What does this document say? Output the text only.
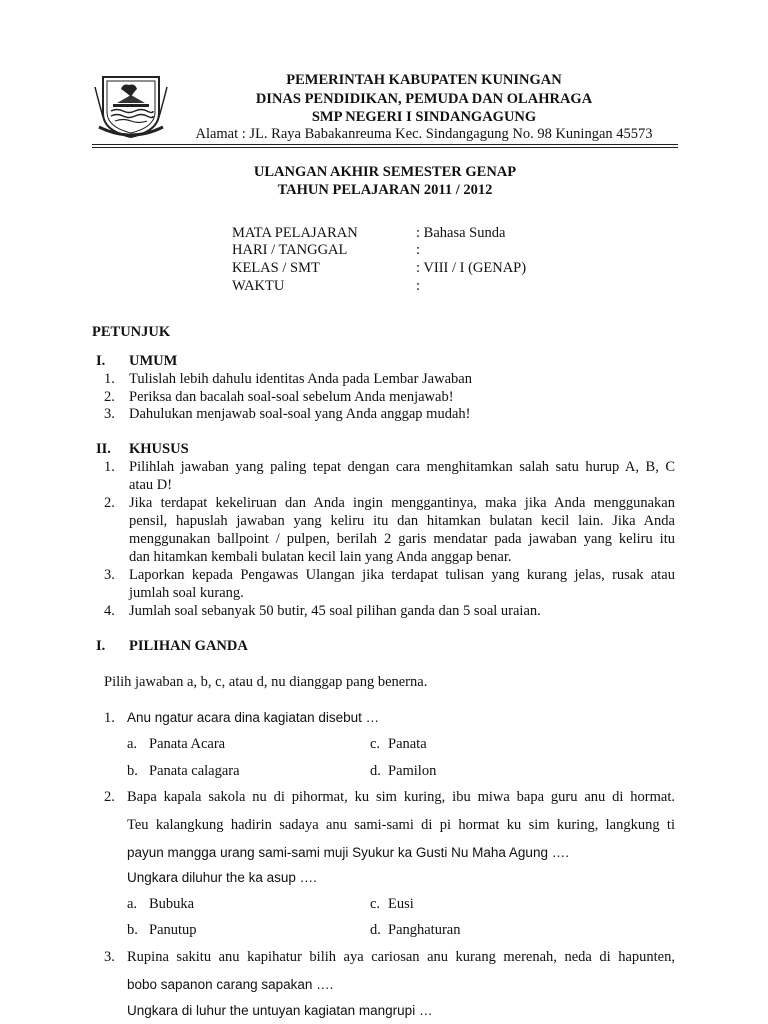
PEMERINTAH KABUPATEN KUNINGAN
DINAS PENDIDIKAN, PEMUDA DAN OLAHRAGA
SMP NEGERI I SINDANGAGUNG
Alamat : JL. Raya Babakanreuma Kec. Sindangagung No. 98 Kuningan 45573
ULANGAN AKHIR SEMESTER GENAP
TAHUN PELAJARAN 2011 / 2012
MATA PELAJARAN	: Bahasa Sunda
HARI / TANGGAL	:
KELAS / SMT	: VIII / I (GENAP)
WAKTU	:
PETUNJUK
I. UMUM
1. Tulislah lebih dahulu identitas Anda pada Lembar Jawaban
2. Periksa dan bacalah soal-soal sebelum Anda menjawab!
3. Dahulukan menjawab soal-soal yang Anda anggap mudah!
II. KHUSUS
1. Pilihlah jawaban yang paling tepat dengan cara menghitamkan salah satu hurup A, B, C
atau D!
2. Jika terdapat kekeliruan dan Anda ingin menggantinya, maka jika Anda menggunakan
pensil, hapuslah jawaban yang keliru itu dan hitamkan bulatan kecil lain. Jika Anda
menggunakan ballpoint / pulpen, berilah 2 garis mendatar pada jawaban yang keliru itu
dan hitamkan kembali bulatan kecil lain yang Anda anggap benar.
3. Laporkan kepada Pengawas Ulangan jika terdapat tulisan yang kurang jelas, rusak atau
jumlah soal kurang.
4. Jumlah soal sebanyak 50 butir, 45 soal pilihan ganda dan 5 soal uraian.
I. PILIHAN GANDA
Pilih jawaban a, b, c, atau d, nu dianggap pang benerna.
1. Anu ngatur acara dina kagiatan disebut …
a. Panata Acara	c. Panata
b. Panata calagara	d. Pamilon
2. Bapa kapala sakola nu di pihormat, ku sim kuring, ibu miwa bapa guru anu di hormat.
Teu kalangkung hadirin sadaya anu sami-sami di pi hormat ku sim kuring, langkung ti
payun mangga urang sami-sami muji Syukur ka Gusti Nu Maha Agung ….
Ungkara diluhur the ka asup ….
a. Bubuka	c. Eusi
b. Panutup	d. Panghaturan
3. Rupina sakitu anu kapihatur bilih aya cariosan anu kurang merenah, neda di hapunten,
bobo sapanon carang sapakan ….
Ungkara di luhur the untuyan kagiatan mangrupi …
